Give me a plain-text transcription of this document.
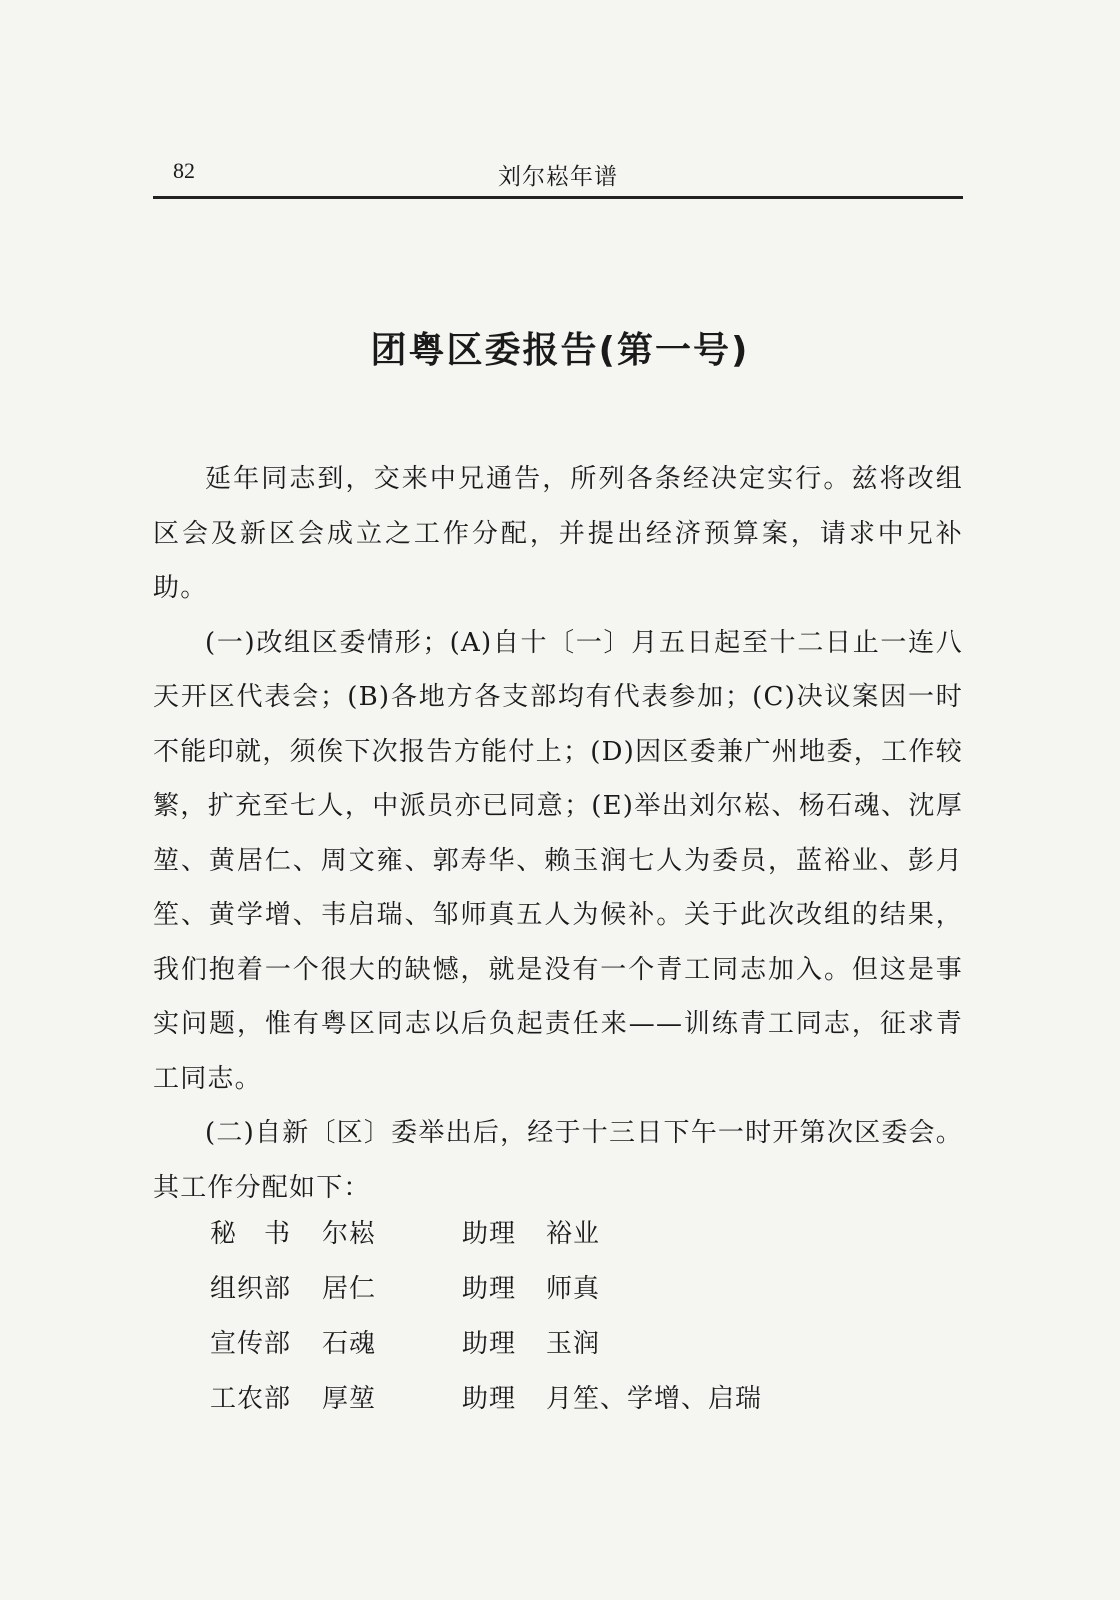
82	刘尔崧年谱
团粤区委报告(第一号)

延年同志到，交来中兄通告，所列各条经决定实行。兹将改组区会及新区会成立之工作分配，并提出经济预算案，请求中兄补助。

(一)改组区委情形；(A)自十〔一〕月五日起至十二日止一连八天开区代表会；(B)各地方各支部均有代表参加；(C)决议案因一时不能印就，须俟下次报告方能付上；(D)因区委兼广州地委，工作较繁，扩充至七人，中派员亦已同意；(E)举出刘尔崧、杨石魂、沈厚堃、黄居仁、周文雍、郭寿华、赖玉润七人为委员，蓝裕业、彭月笙、黄学增、韦启瑞、邹师真五人为候补。关于此次改组的结果，我们抱着一个很大的缺憾，就是没有一个青工同志加入。但这是事实问题，惟有粤区同志以后负起责任来——训练青工同志，征求青工同志。

(二)自新〔区〕委举出后，经于十三日下午一时开第次区委会。其工作分配如下：

秘　书	尔崧	助理	裕业
组织部	居仁	助理	师真
宣传部	石魂	助理	玉润
工农部	厚堃	助理	月笙、学增、启瑞
